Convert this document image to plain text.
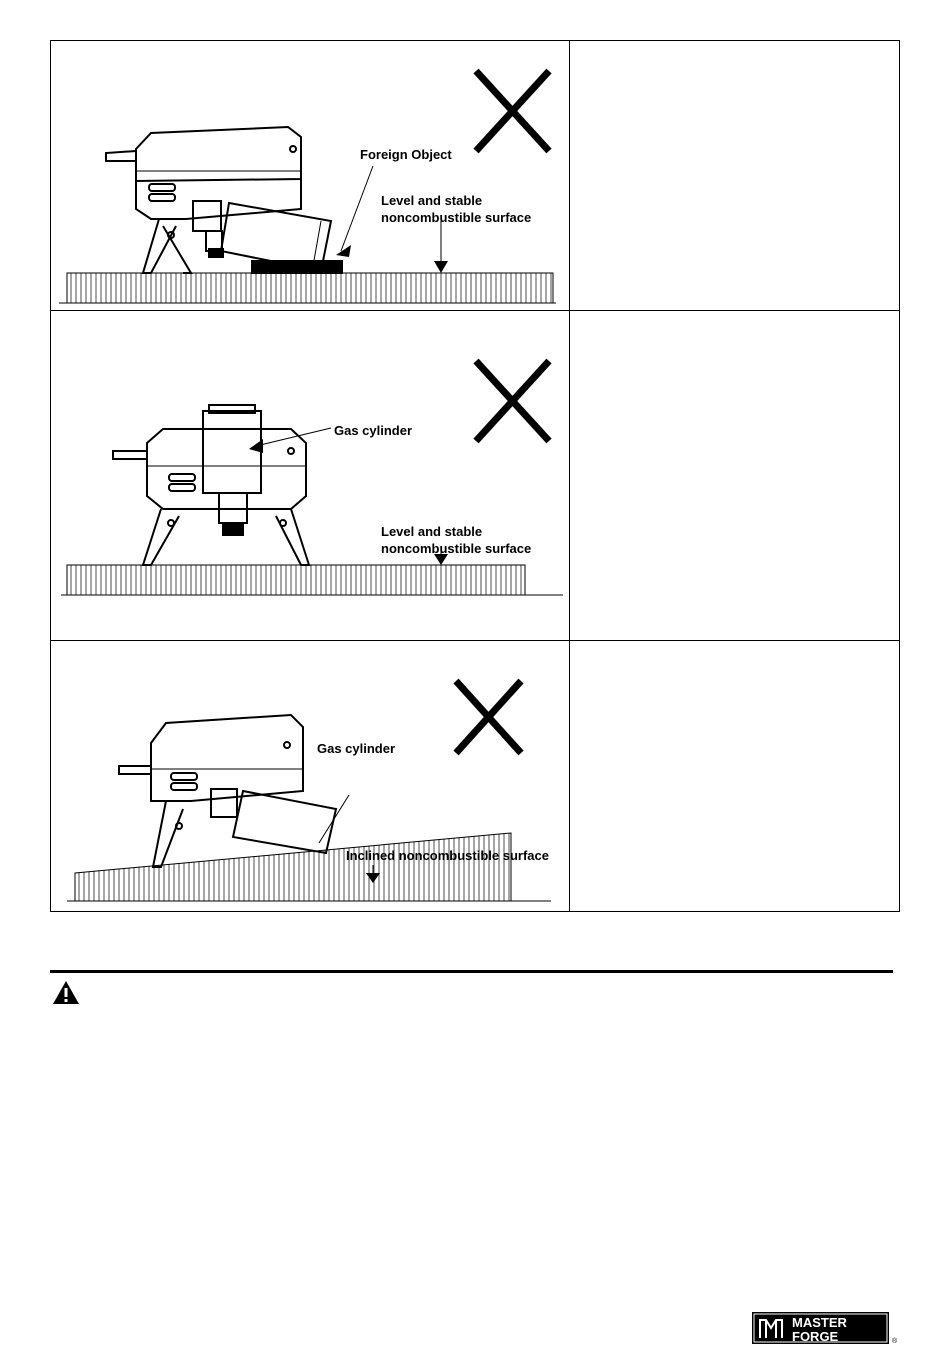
Foreign Object
Level and stable
noncombustible surface
Gas cylinder
Level and stable
noncombustible surface
Gas cylinder
Inclined noncombustible surface
MASTER
FORGE	®
